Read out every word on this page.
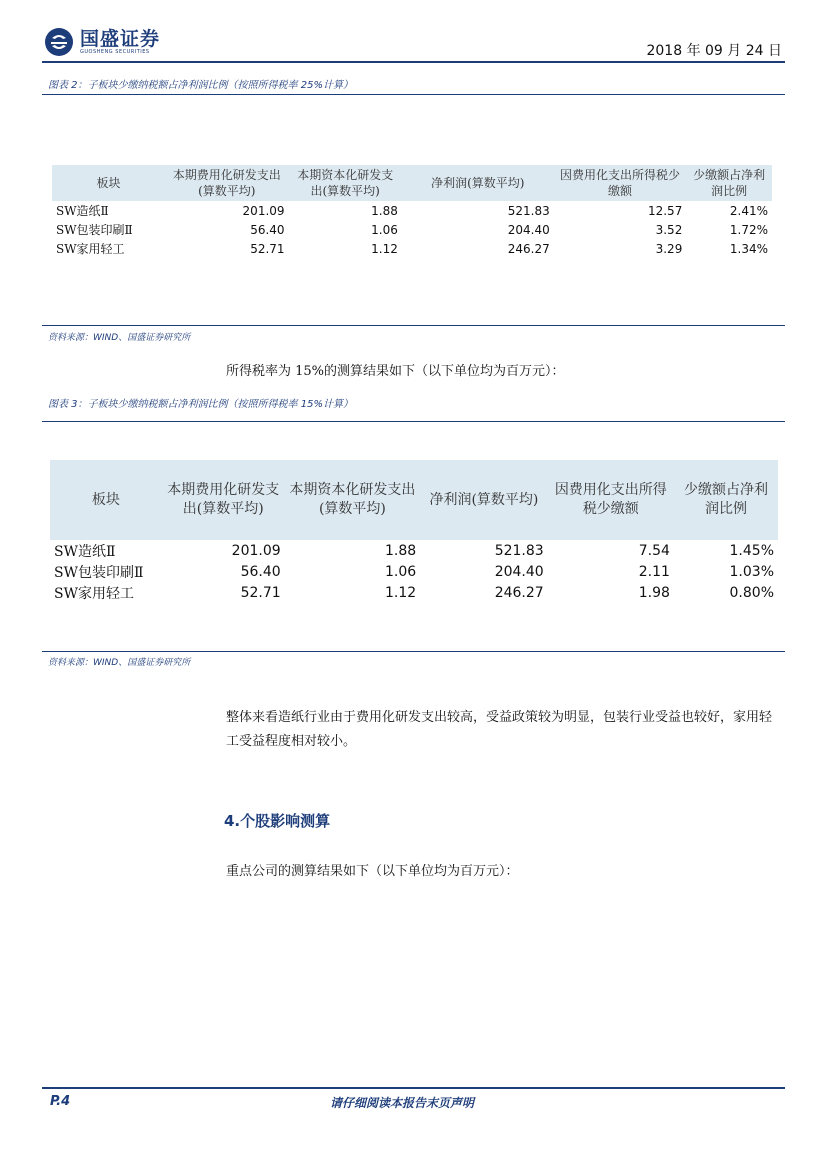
国盛证券
GUOSHENG SECURITIES	2018 年 09 月 24 日
图表 2：子板块少缴纳税额占净利润比例（按照所得税率 25%计算）
板块	本期费用化研发支出(算数平均)	本期资本化研发支出(算数平均)	净利润(算数平均)	因费用化支出所得税少缴额	少缴额占净利润比例
SW造纸Ⅱ	201.09	1.88	521.83	12.57	2.41%
SW包装印刷Ⅱ	56.40	1.06	204.40	3.52	1.72%
SW家用轻工	52.71	1.12	246.27	3.29	1.34%
资料来源：WIND、国盛证券研究所
所得税率为 15%的测算结果如下（以下单位均为百万元）：
图表 3：子板块少缴纳税额占净利润比例（按照所得税率 15%计算）
板块	本期费用化研发支出(算数平均)	本期资本化研发支出(算数平均)	净利润(算数平均)	因费用化支出所得税少缴额	少缴额占净利润比例
SW造纸Ⅱ	201.09	1.88	521.83	7.54	1.45%
SW包装印刷Ⅱ	56.40	1.06	204.40	2.11	1.03%
SW家用轻工	52.71	1.12	246.27	1.98	0.80%
资料来源：WIND、国盛证券研究所
整体来看造纸行业由于费用化研发支出较高，受益政策较为明显，包装行业受益也较好，家用轻工受益程度相对较小。
4.个股影响测算
重点公司的测算结果如下（以下单位均为百万元）：
P.4	请仔细阅读本报告末页声明
